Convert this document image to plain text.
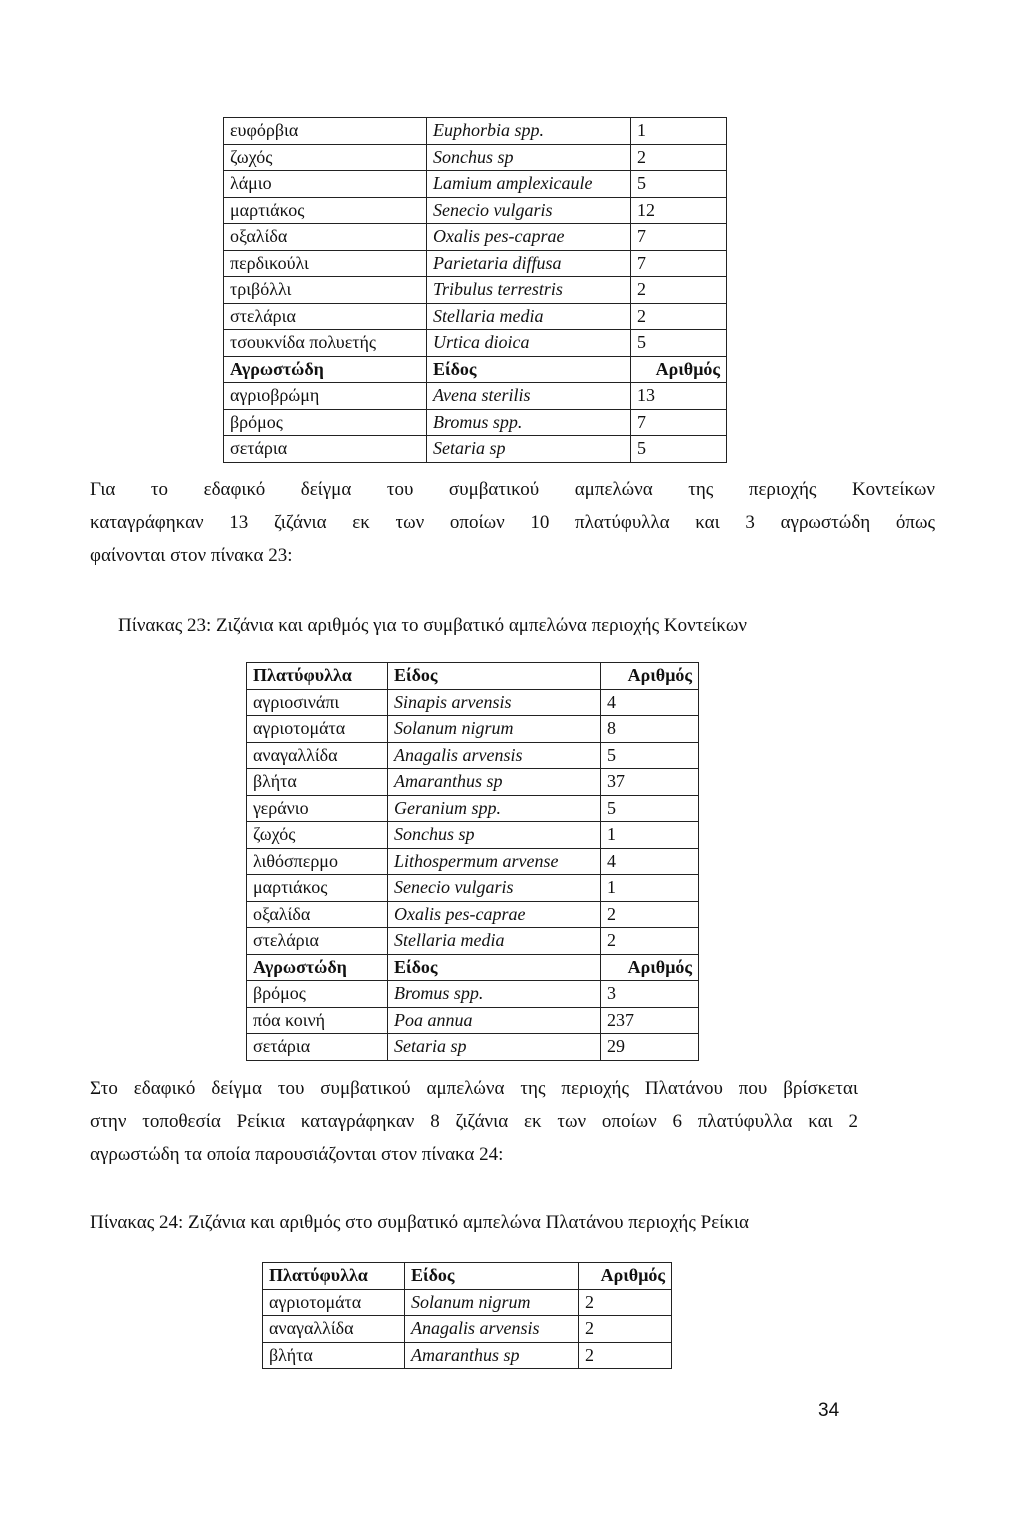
ευφόρβια	Euphorbia spp.	1
ζωχός	Sonchus sp	2
λάμιο	Lamium amplexicaule	5
μαρτιάκος	Senecio vulgaris	12
οξαλίδα	Oxalis pes-caprae	7
περδικούλι	Parietaria diffusa	7
τριβόλλι	Tribulus terrestris	2
στελάρια	Stellaria media	2
τσουκνίδα πολυετής	Urtica dioica	5
Αγρωστώδη	Είδος	Αριθμός
αγριοβρώμη	Avena sterilis	13
βρόμος	Bromus spp.	7
σετάρια	Setaria sp	5
Για το εδαφικό δείγμα του συμβατικού αμπελώνα της περιοχής Κοντείκων
καταγράφηκαν 13 ζιζάνια εκ των οποίων 10 πλατύφυλλα και 3 αγρωστώδη όπως
φαίνονται στον πίνακα 23:

Πίνακας 23: Ζιζάνια και αριθμός για το συμβατικό αμπελώνα περιοχής Κοντείκων

Πλατύφυλλα	Είδος	Αριθμός
αγριοσινάπι	Sinapis arvensis	4
αγριοτομάτα	Solanum nigrum	8
αναγαλλίδα	Anagalis arvensis	5
βλήτα	Amaranthus sp	37
γεράνιο	Geranium spp.	5
ζωχός	Sonchus sp	1
λιθόσπερμο	Lithospermum arvense	4
μαρτιάκος	Senecio vulgaris	1
οξαλίδα	Oxalis pes-caprae	2
στελάρια	Stellaria media	2
Αγρωστώδη	Είδος	Αριθμός
βρόμος	Bromus spp.	3
πόα κοινή	Poa annua	237
σετάρια	Setaria sp	29
Στο εδαφικό δείγμα του συμβατικού αμπελώνα της περιοχής Πλατάνου που βρίσκεται
στην τοποθεσία Ρείκια καταγράφηκαν 8 ζιζάνια εκ των οποίων 6 πλατύφυλλα και 2
αγρωστώδη τα οποία παρουσιάζονται στον πίνακα 24:

Πίνακας 24: Ζιζάνια και αριθμός στο συμβατικό αμπελώνα Πλατάνου περιοχής Ρείκια

Πλατύφυλλα	Είδος	Αριθμός
αγριοτομάτα	Solanum nigrum	2
αναγαλλίδα	Anagalis arvensis	2
βλήτα	Amaranthus sp	2
34
